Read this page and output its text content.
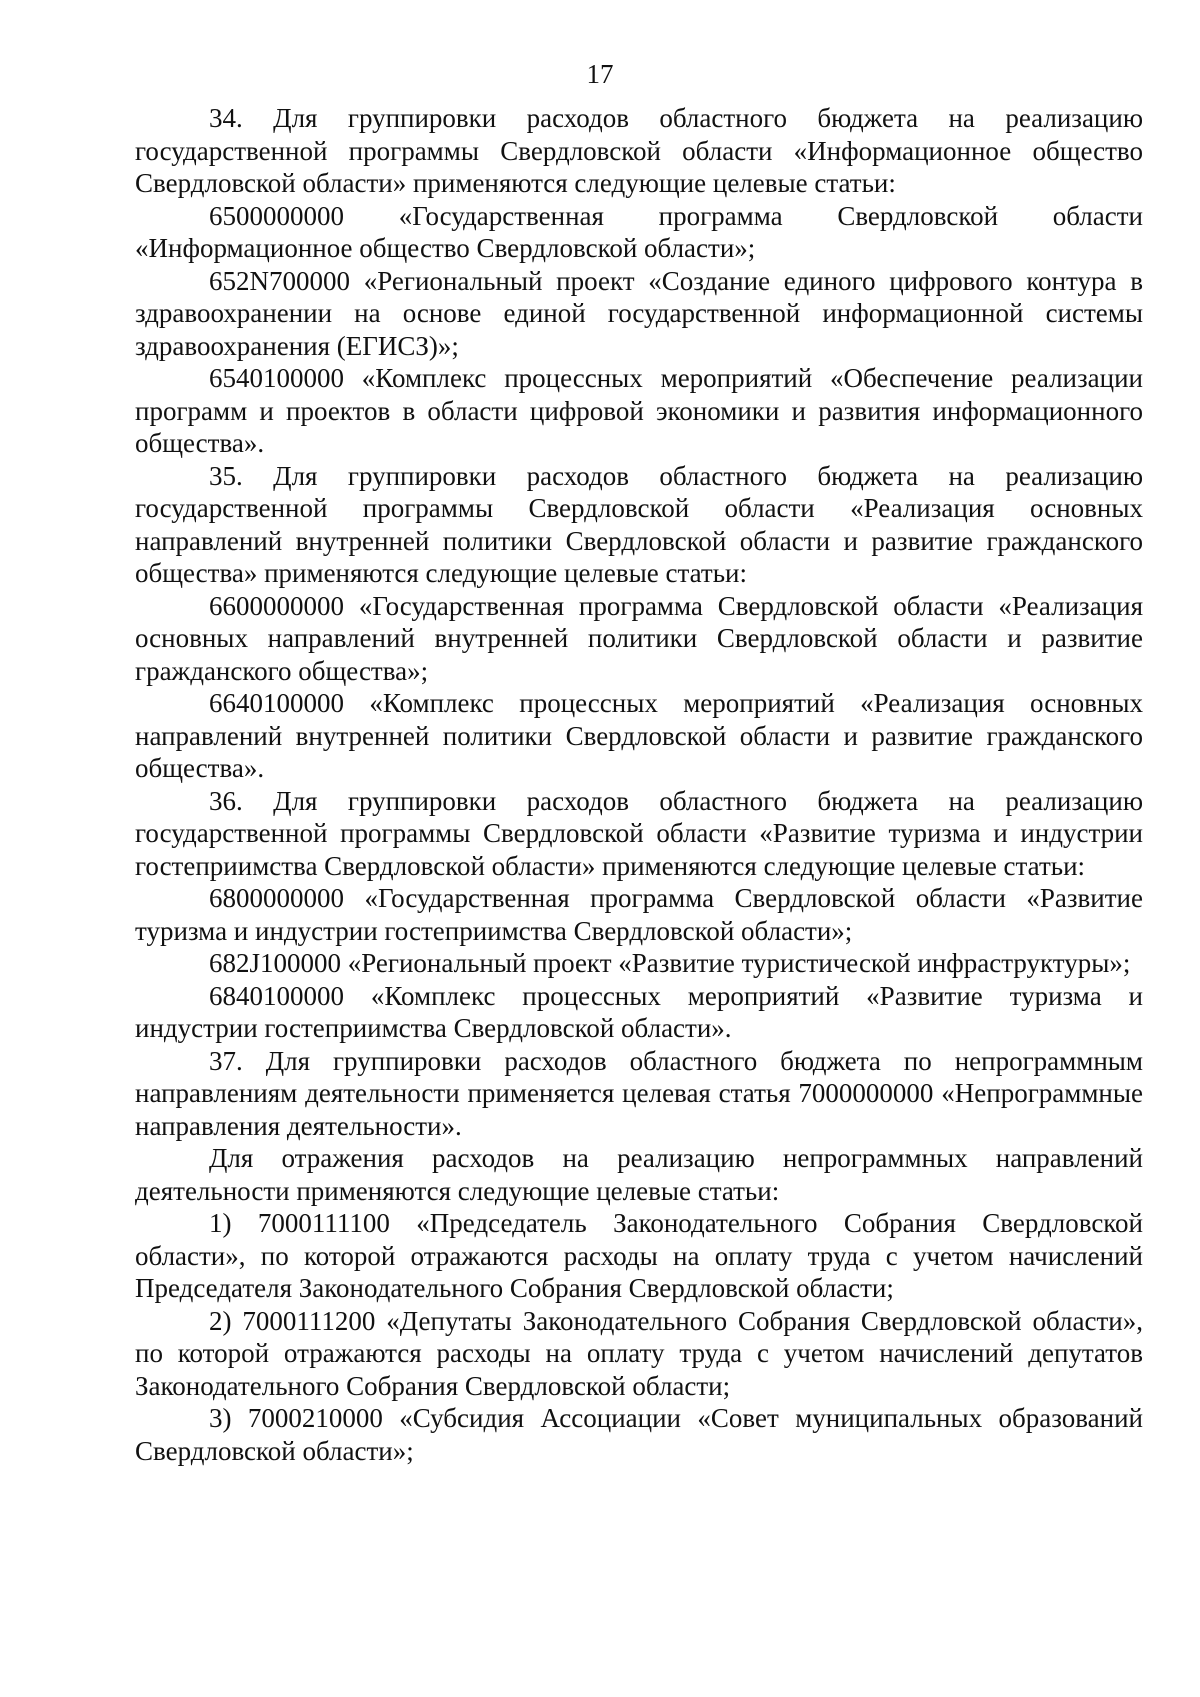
17

34. Для группировки расходов областного бюджета на реализацию государственной программы Свердловской области «Информационное общество Свердловской области» применяются следующие целевые статьи:

6500000000 «Государственная программа Свердловской области «Информационное общество Свердловской области»;

652N700000 «Региональный проект «Создание единого цифрового контура в здравоохранении на основе единой государственной информационной системы здравоохранения (ЕГИСЗ)»;

6540100000 «Комплекс процессных мероприятий «Обеспечение реализации программ и проектов в области цифровой экономики и развития информационного общества».

35. Для группировки расходов областного бюджета на реализацию государственной программы Свердловской области «Реализация основных направлений внутренней политики Свердловской области и развитие гражданского общества» применяются следующие целевые статьи:

6600000000 «Государственная программа Свердловской области «Реализация основных направлений внутренней политики Свердловской области и развитие гражданского общества»;

6640100000 «Комплекс процессных мероприятий «Реализация основных направлений внутренней политики Свердловской области и развитие гражданского общества».

36. Для группировки расходов областного бюджета на реализацию государственной программы Свердловской области «Развитие туризма и индустрии гостеприимства Свердловской области» применяются следующие целевые статьи:

6800000000 «Государственная программа Свердловской области «Развитие туризма и индустрии гостеприимства Свердловской области»;

682J100000 «Региональный проект «Развитие туристической инфраструктуры»;

6840100000 «Комплекс процессных мероприятий «Развитие туризма и индустрии гостеприимства Свердловской области».

37. Для группировки расходов областного бюджета по непрограммным направлениям деятельности применяется целевая статья 7000000000 «Непрограммные направления деятельности».

Для отражения расходов на реализацию непрограммных направлений деятельности применяются следующие целевые статьи:

1) 7000111100 «Председатель Законодательного Собрания Свердловской области», по которой отражаются расходы на оплату труда с учетом начислений Председателя Законодательного Собрания Свердловской области;

2) 7000111200 «Депутаты Законодательного Собрания Свердловской области», по которой отражаются расходы на оплату труда с учетом начислений депутатов Законодательного Собрания Свердловской области;

3) 7000210000 «Субсидия Ассоциации «Совет муниципальных образований Свердловской области»;
